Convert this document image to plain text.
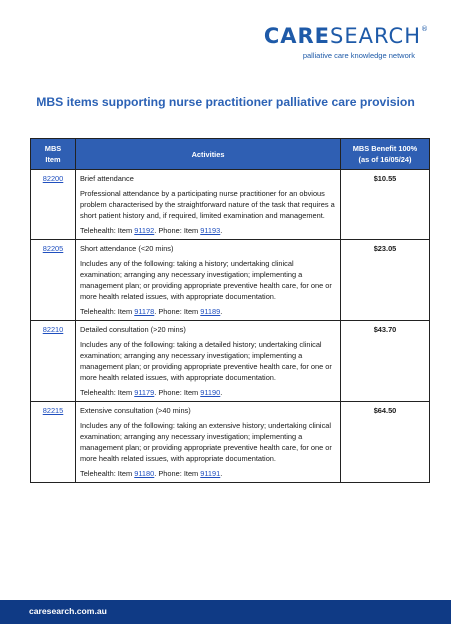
CARESEARCH®
palliative care knowledge network
MBS items supporting nurse practitioner palliative care provision
MBS
Item	Activities	MBS Benefit 100%
(as of 16/05/24)
82200	Brief attendance
Professional attendance by a participating nurse practitioner for an obvious problem characterised by the straightforward nature of the task that requires a short patient history and, if required, limited examination and management.
Telehealth: Item 91192. Phone: Item 91193.	$10.55
82205	Short attendance (<20 mins)
Includes any of the following: taking a history; undertaking clinical examination; arranging any necessary investigation; implementing a management plan; or providing appropriate preventive health care, for one or more health related issues, with appropriate documentation.
Telehealth: Item 91178. Phone: Item 91189.	$23.05
82210	Detailed consultation (>20 mins)
Includes any of the following: taking a detailed history; undertaking clinical examination; arranging any necessary investigation; implementing a management plan; or providing appropriate preventive health care, for one or more health related issues, with appropriate documentation.
Telehealth: Item 91179. Phone: Item 91190.	$43.70
82215	Extensive consultation (>40 mins)
Includes any of the following: taking an extensive history; undertaking clinical examination; arranging any necessary investigation; implementing a management plan; or providing appropriate preventive health care, for one or more health related issues, with appropriate documentation.
Telehealth: Item 91180. Phone: Item 91191.	$64.50
caresearch.com.au
